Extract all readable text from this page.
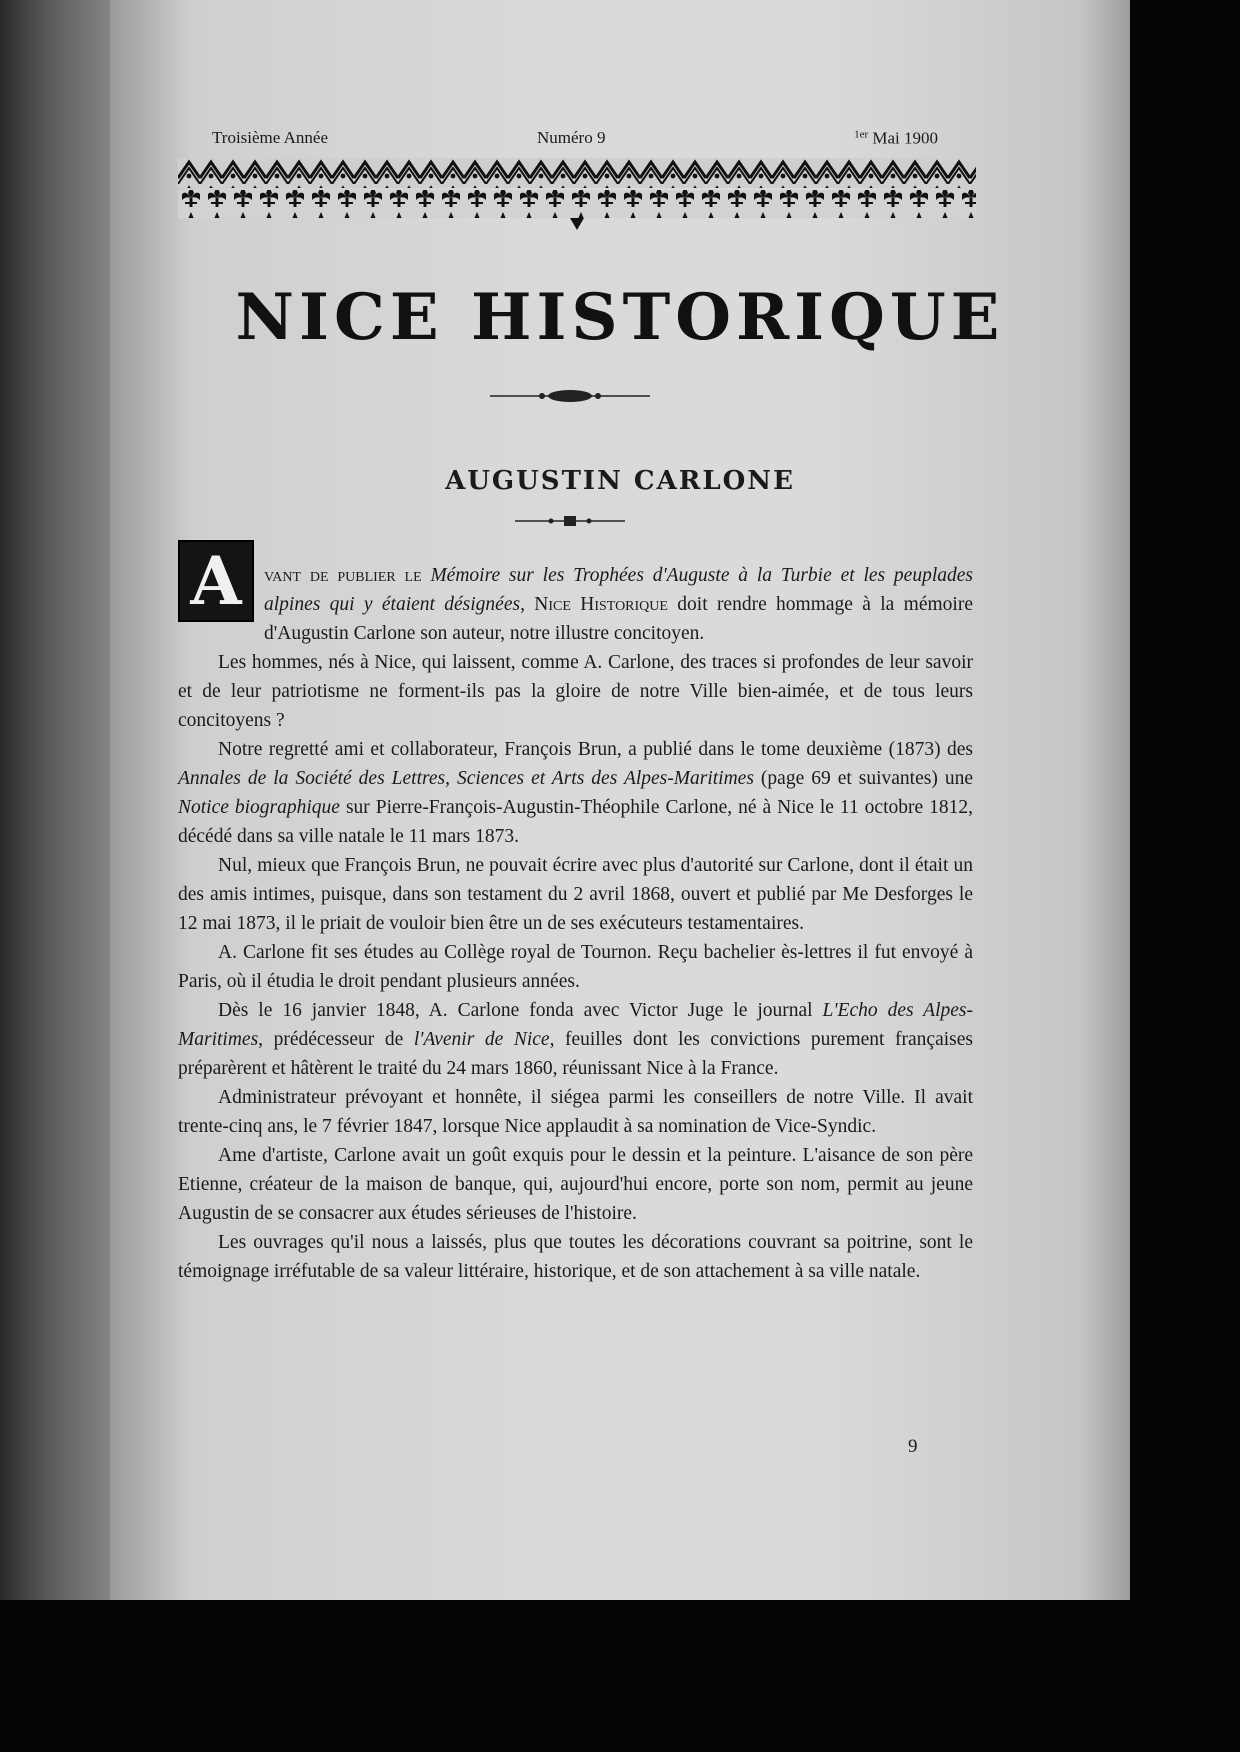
Troisième Année	Numéro 9	$^{1er}$ Mai 1900
NICE HISTORIQUE
AUGUSTIN CARLONE
A	vant de publier le Mémoire sur les Trophées d'Auguste à la Turbie et les peuplades alpines qui y étaient désignées, Nice Historique doit rendre hommage à la mémoire d'Augustin Carlone son auteur, notre illustre concitoyen.

Les hommes, nés à Nice, qui laissent, comme A. Carlone, des traces si profondes de leur savoir et de leur patriotisme ne forment-ils pas la gloire de notre Ville bien-aimée, et de tous leurs concitoyens ?

Notre regretté ami et collaborateur, François Brun, a publié dans le tome deuxième (1873) des Annales de la Société des Lettres, Sciences et Arts des Alpes-Maritimes (page 69 et suivantes) une Notice biographique sur Pierre-François-Augustin-Théophile Carlone, né à Nice le 11 octobre 1812, décédé dans sa ville natale le 11 mars 1873.

Nul, mieux que François Brun, ne pouvait écrire avec plus d'autorité sur Carlone, dont il était un des amis intimes, puisque, dans son testament du 2 avril 1868, ouvert et publié par Me Desforges le 12 mai 1873, il le priait de vouloir bien être un de ses exécuteurs testamentaires.

A. Carlone fit ses études au Collège royal de Tournon. Reçu bachelier ès-lettres il fut envoyé à Paris, où il étudia le droit pendant plusieurs années.

Dès le 16 janvier 1848, A. Carlone fonda avec Victor Juge le journal L'Echo des Alpes-Maritimes, prédécesseur de l'Avenir de Nice, feuilles dont les convictions purement françaises préparèrent et hâtèrent le traité du 24 mars 1860, réunissant Nice à la France.

Administrateur prévoyant et honnête, il siégea parmi les conseillers de notre Ville. Il avait trente-cinq ans, le 7 février 1847, lorsque Nice applaudit à sa nomination de Vice-Syndic.

Ame d'artiste, Carlone avait un goût exquis pour le dessin et la peinture. L'aisance de son père Etienne, créateur de la maison de banque, qui, aujourd'hui encore, porte son nom, permit au jeune Augustin de se consacrer aux études sérieuses de l'histoire.

Les ouvrages qu'il nous a laissés, plus que toutes les décorations couvrant sa poitrine, sont le témoignage irréfutable de sa valeur littéraire, historique, et de son attachement à sa ville natale.

9
